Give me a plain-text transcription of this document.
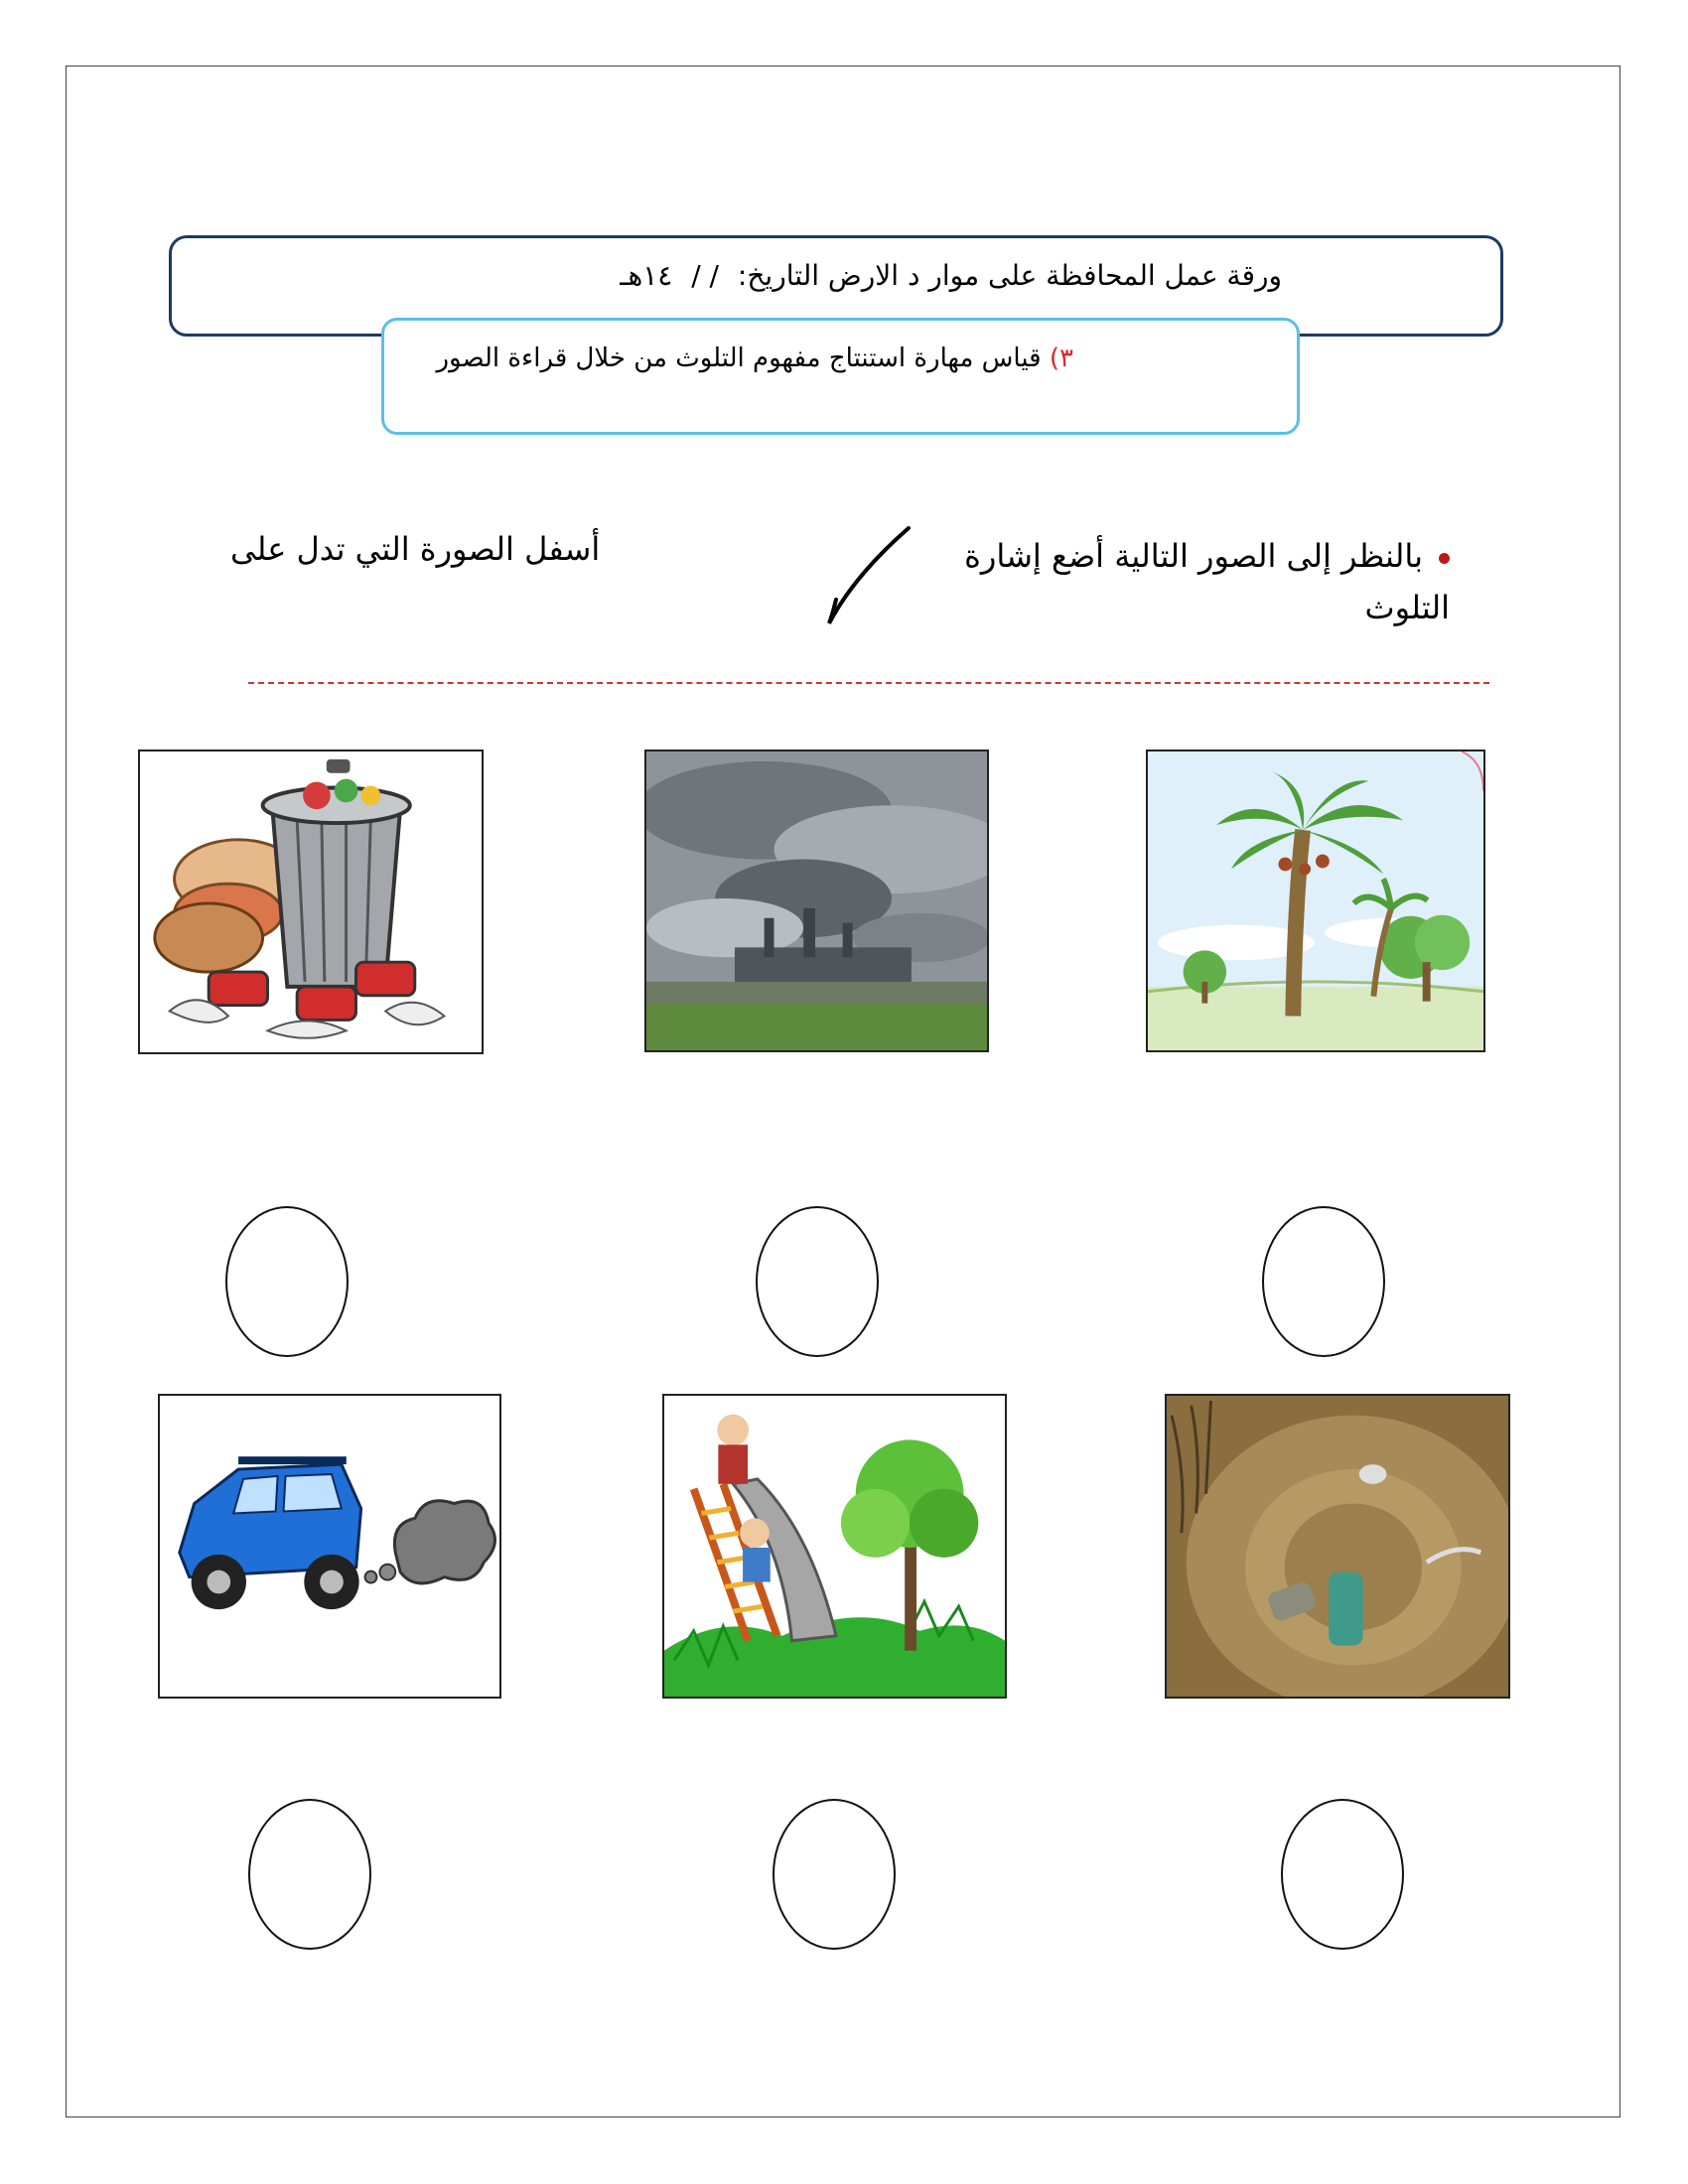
ورقة عمل المحافظة على موار د الارض التاريخ: / / ١٤هـ
٣) قياس مهارة استنتاج مفهوم التلوث من خلال قراءة الصور
بالنظر إلى الصور التالية أضع إشارة التلوث
أسفل الصورة التي تدل على
